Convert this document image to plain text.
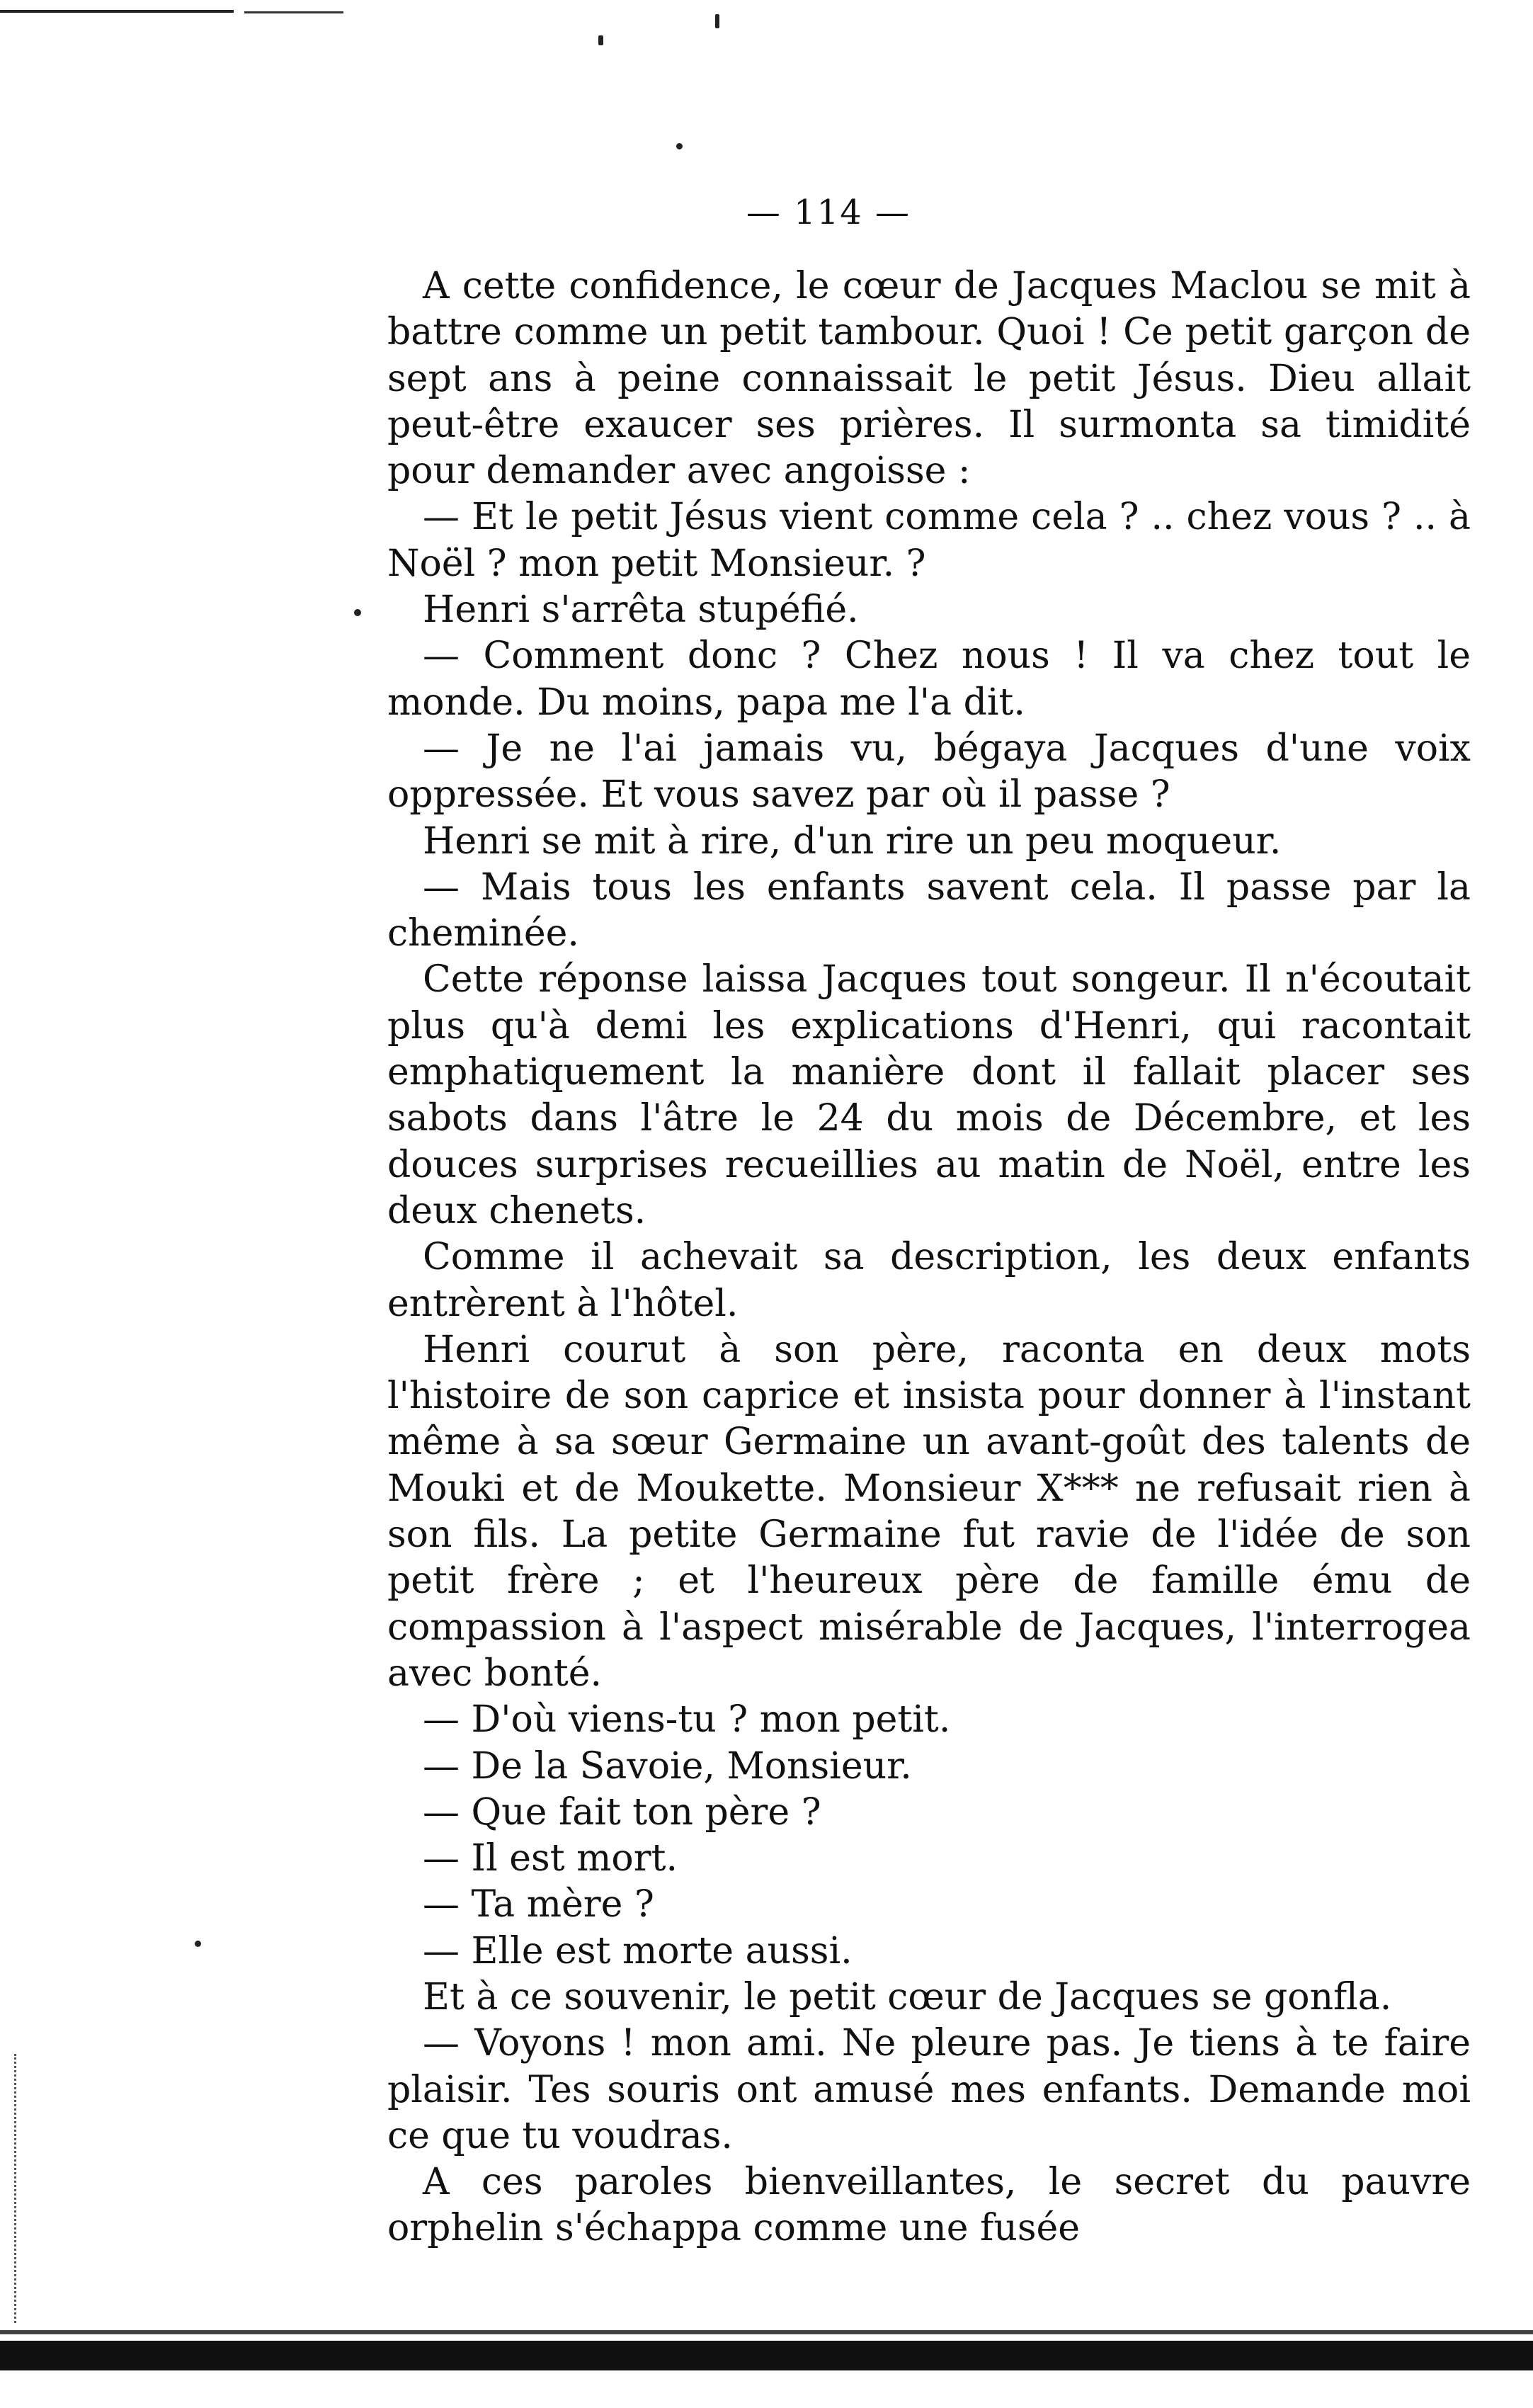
— 114 —

A cette confidence, le cœur de Jacques Maclou se mit à battre comme un petit tambour. Quoi ! Ce petit garçon de sept ans à peine connaissait le petit Jésus. Dieu allait peut-être exaucer ses prières. Il surmonta sa timidité pour demander avec angoisse :

— Et le petit Jésus vient comme cela ? .. chez vous ? .. à Noël ? mon petit Monsieur. ?

Henri s'arrêta stupéfié.

— Comment donc ? Chez nous ! Il va chez tout le monde. Du moins, papa me l'a dit.

— Je ne l'ai jamais vu, bégaya Jacques d'une voix oppressée. Et vous savez par où il passe ?

Henri se mit à rire, d'un rire un peu moqueur.

— Mais tous les enfants savent cela. Il passe par la cheminée.

Cette réponse laissa Jacques tout songeur. Il n'écoutait plus qu'à demi les explications d'Henri, qui racontait emphatiquement la manière dont il fallait placer ses sabots dans l'âtre le 24 du mois de Décembre, et les douces surprises recueillies au matin de Noël, entre les deux chenets.

Comme il achevait sa description, les deux enfants entrèrent à l'hôtel.

Henri courut à son père, raconta en deux mots l'histoire de son caprice et insista pour donner à l'instant même à sa sœur Germaine un avant-goût des talents de Mouki et de Moukette. Monsieur X*** ne refusait rien à son fils. La petite Germaine fut ravie de l'idée de son petit frère ; et l'heureux père de famille ému de compassion à l'aspect misérable de Jacques, l'interrogea avec bonté.

— D'où viens-tu ? mon petit.

— De la Savoie, Monsieur.

— Que fait ton père ?

— Il est mort.

— Ta mère ?

— Elle est morte aussi.

Et à ce souvenir, le petit cœur de Jacques se gonfla.

— Voyons ! mon ami. Ne pleure pas. Je tiens à te faire plaisir. Tes souris ont amusé mes enfants. Demande moi ce que tu voudras.

A ces paroles bienveillantes, le secret du pauvre orphelin s'échappa comme une fusée
